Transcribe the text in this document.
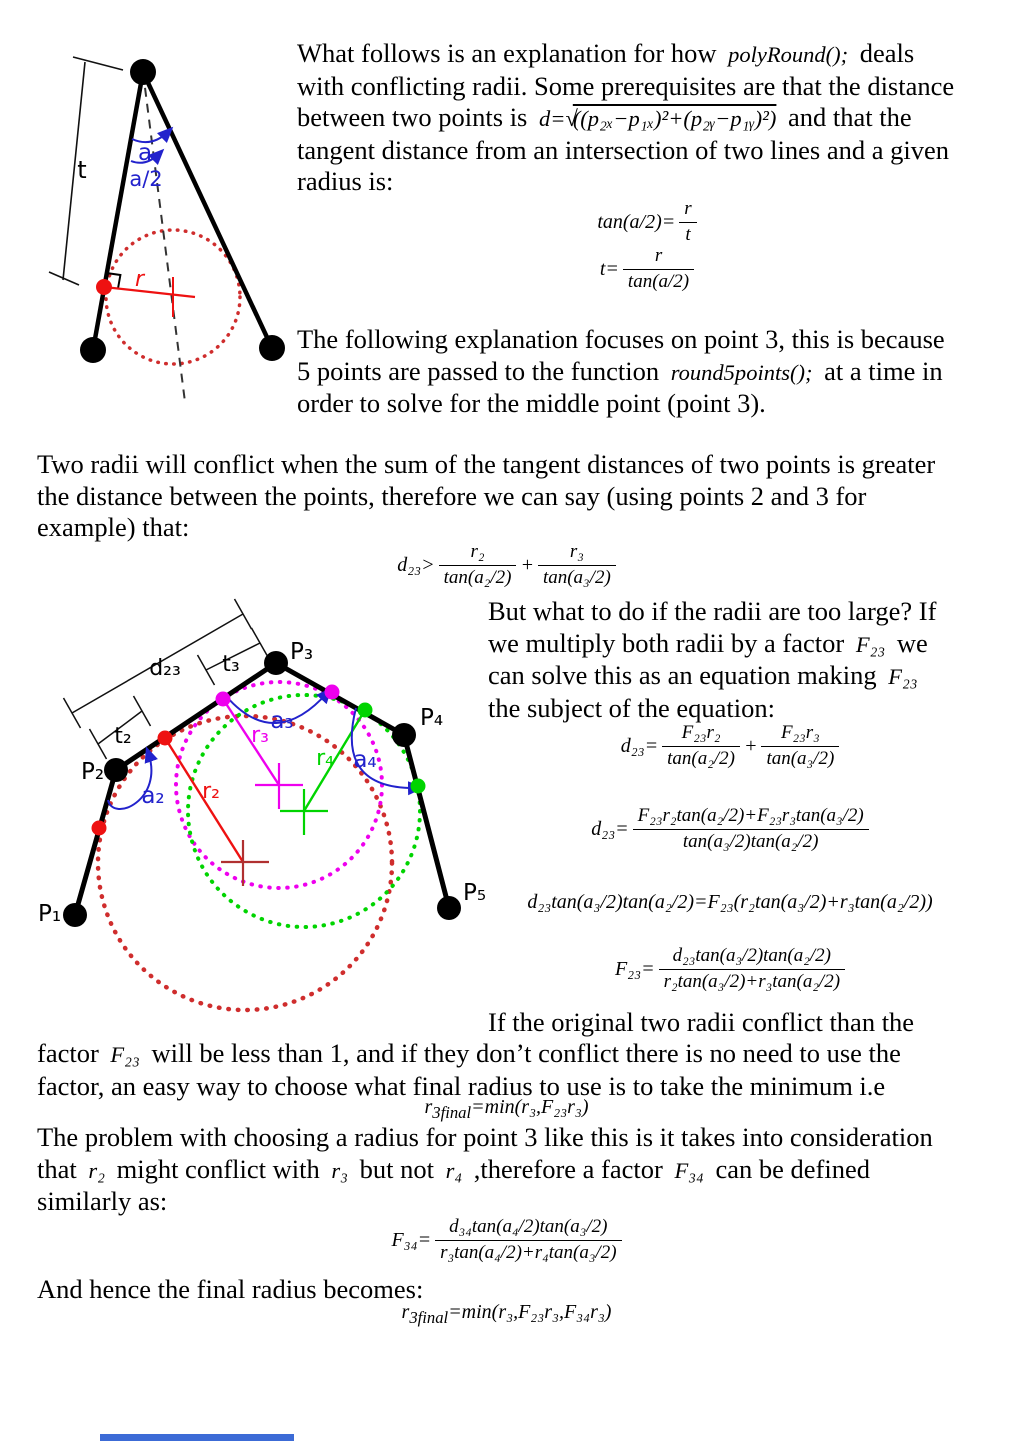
t
a
a/2
r
What follows is an explanation for how polyRound(); deals
with conflicting radii. Some prerequisites are that the distance
between two points is d=√((p₂ₓ−p₁ₓ)²+(p₂ᵧ−p₁ᵧ)²) and that the
tangent distance from an intersection of two lines and a given
radius is:
$\tan(a/2)= \frac{r}{t}$
$t= \frac{r}{\tan(a/2)}$
The following explanation focuses on point 3, this is because
5 points are passed to the function round5points(); at a time in
order to solve for the middle point (point 3).
Two radii will conflict when the sum of the tangent distances of two points is greater
the distance between the points, therefore we can say (using points 2 and 3 for
example) that:
$d_{23}> \frac{\text{r₂}}{\text{tan(a₂/2)}} + \frac{\text{r₃}}{\text{tan(a₃/2)}}$
d₂₃ t₃
t₂
a₂
a₃
a₄
r₂
r₃
r₄
P₁
P₂
P₃
P₄
P₅
But what to do if the radii are too large? If
we multiply both radii by a factor F₂₃ we
can solve this as an equation making F₂₃
the subject of the equation:
$d_{23}= \frac{\text{F₂₃r₂}}{\text{tan(a₂/2)}} + \frac{\text{F₂₃r₃}}{\text{tan(a₃/2)}}$
$d_{23}= \frac{\text{F₂₃r₂tan(a₂/2)+F₂₃r₃tan(a₃/2)}}{\text{tan(a₃/2)tan(a₂/2)}}$
d₂₃tan(a₃/2)tan(a₂/2)=F₂₃(r₂tan(a₃/2)+r₃tan(a₂/2))
$F_{23}= \frac{\text{d₂₃tan(a₃/2)tan(a₂/2)}}{\text{r₂tan(a₃/2)+r₃tan(a₂/2)}}$
If the original two radii conflict than the
factor F₂₃ will be less than 1, and if they don’t conflict there is no need to use the
factor, an easy way to choose what final radius to use is to take the minimum i.e
$r_{3final}=\min(r_3,F_{23}r_3)$
The problem with choosing a radius for point 3 like this is it takes into consideration
that r₂ might conflict with r₃ but not r₄ ,therefore a factor F₃₄ can be defined
similarly as:
$F_{34}= \frac{\text{d₃₄tan(a₄/2)tan(a₃/2)}}{\text{r₃tan(a₄/2)+r₄tan(a₃/2)}}$
And hence the final radius becomes:
$r_{3final}=\min(r_3,F_{23}r_3,F_{34}r_3)$
